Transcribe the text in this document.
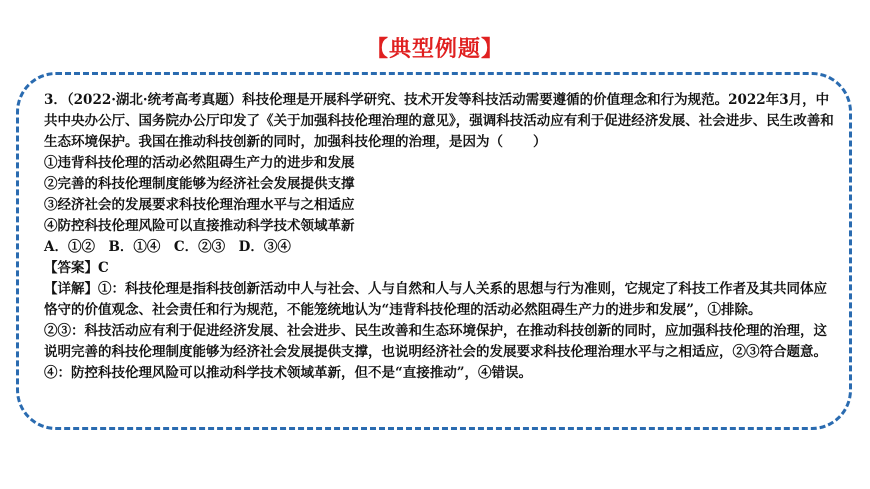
【典型例题】

3．（2022·湖北·统考高考真题）科技伦理是开展科学研究、技术开发等科技活动需要遵循的价值理念和行为规范。2022年3月，中共中央办公厅、国务院办公厅印发了《关于加强科技伦理治理的意见》，强调科技活动应有利于促进经济发展、社会进步、民生改善和生态环境保护。我国在推动科技创新的同时，加强科技伦理的治理，是因为（ ）

①违背科技伦理的活动必然阻碍生产力的进步和发展

②完善的科技伦理制度能够为经济社会发展提供支撑

③经济社会的发展要求科技伦理治理水平与之相适应

④防控科技伦理风险可以直接推动科学技术领域革新

A．①②　B．①④　C．②③　D．③④

【答案】C

【详解】①：科技伦理是指科技创新活动中人与社会、人与自然和人与人关系的思想与行为准则，它规定了科技工作者及其共同体应恪守的价值观念、社会责任和行为规范，不能笼统地认为“违背科技伦理的活动必然阻碍生产力的进步和发展”，①排除。

②③：科技活动应有利于促进经济发展、社会进步、民生改善和生态环境保护，在推动科技创新的同时，应加强科技伦理的治理，这说明完善的科技伦理制度能够为经济社会发展提供支撑，也说明经济社会的发展要求科技伦理治理水平与之相适应，②③符合题意。

④：防控科技伦理风险可以推动科学技术领域革新，但不是“直接推动”，④错误。
